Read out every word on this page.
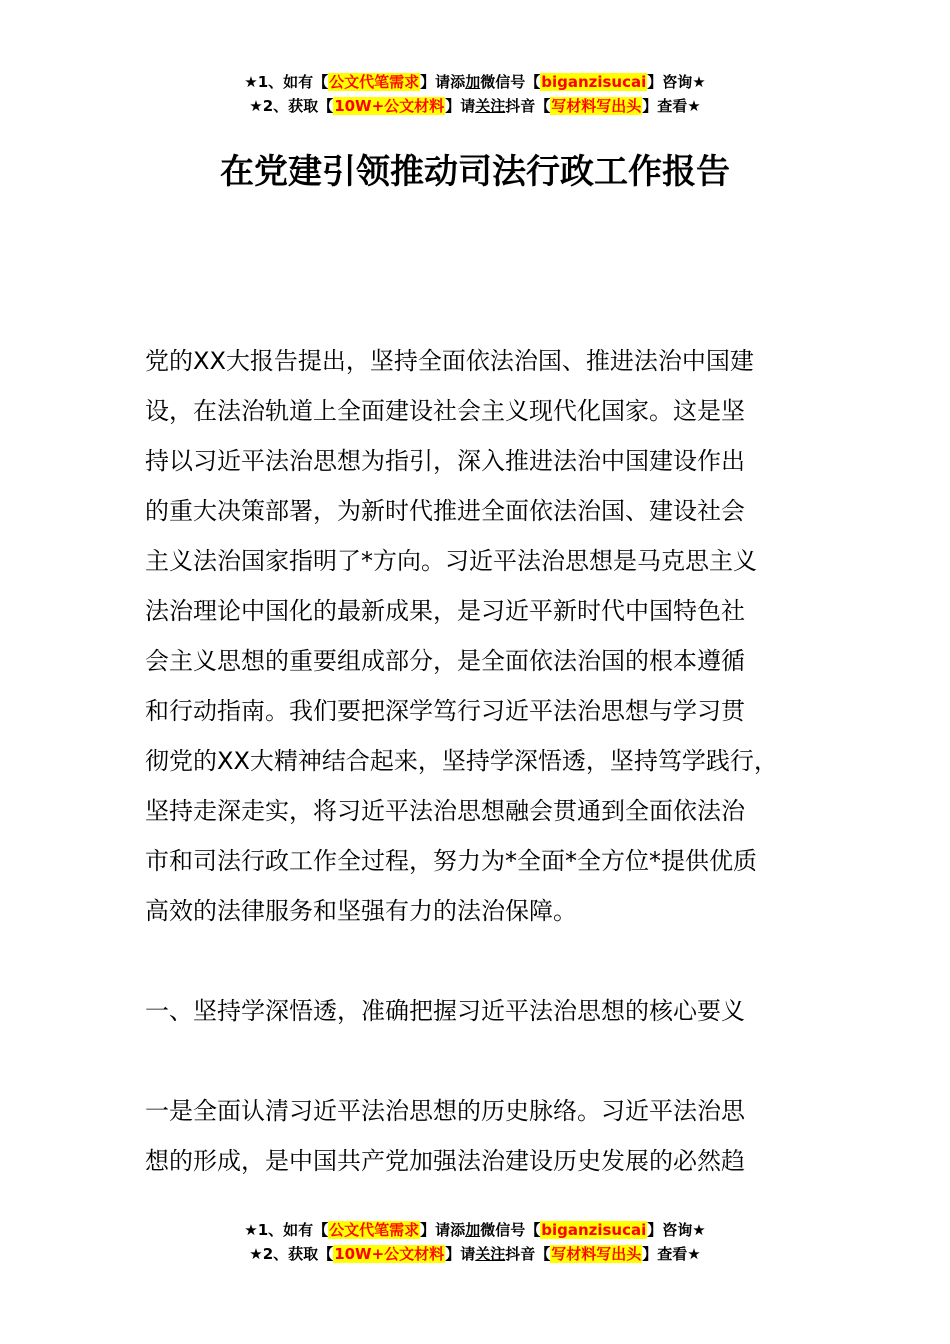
★1、如有【公文代笔需求】请添加微信号【biganzisucai】咨询★
★2、获取【10W+公文材料】请关注抖音【写材料写出头】查看★
在党建引领推动司法行政工作报告

党的XX大报告提出，坚持全面依法治国、推进法治中国建

设，在法治轨道上全面建设社会主义现代化国家。这是坚

持以习近平法治思想为指引，深入推进法治中国建设作出

的重大决策部署，为新时代推进全面依法治国、建设社会

主义法治国家指明了*方向。习近平法治思想是马克思主义

法治理论中国化的最新成果，是习近平新时代中国特色社

会主义思想的重要组成部分，是全面依法治国的根本遵循

和行动指南。我们要把深学笃行习近平法治思想与学习贯

彻党的XX大精神结合起来，坚持学深悟透，坚持笃学践行，

坚持走深走实，将习近平法治思想融会贯通到全面依法治

市和司法行政工作全过程，努力为*全面*全方位*提供优质

高效的法律服务和坚强有力的法治保障。

一、坚持学深悟透，准确把握习近平法治思想的核心要义

一是全面认清习近平法治思想的历史脉络。习近平法治思

想的形成，是中国共产党加强法治建设历史发展的必然趋

★1、如有【公文代笔需求】请添加微信号【biganzisucai】咨询★
★2、获取【10W+公文材料】请关注抖音【写材料写出头】查看★
